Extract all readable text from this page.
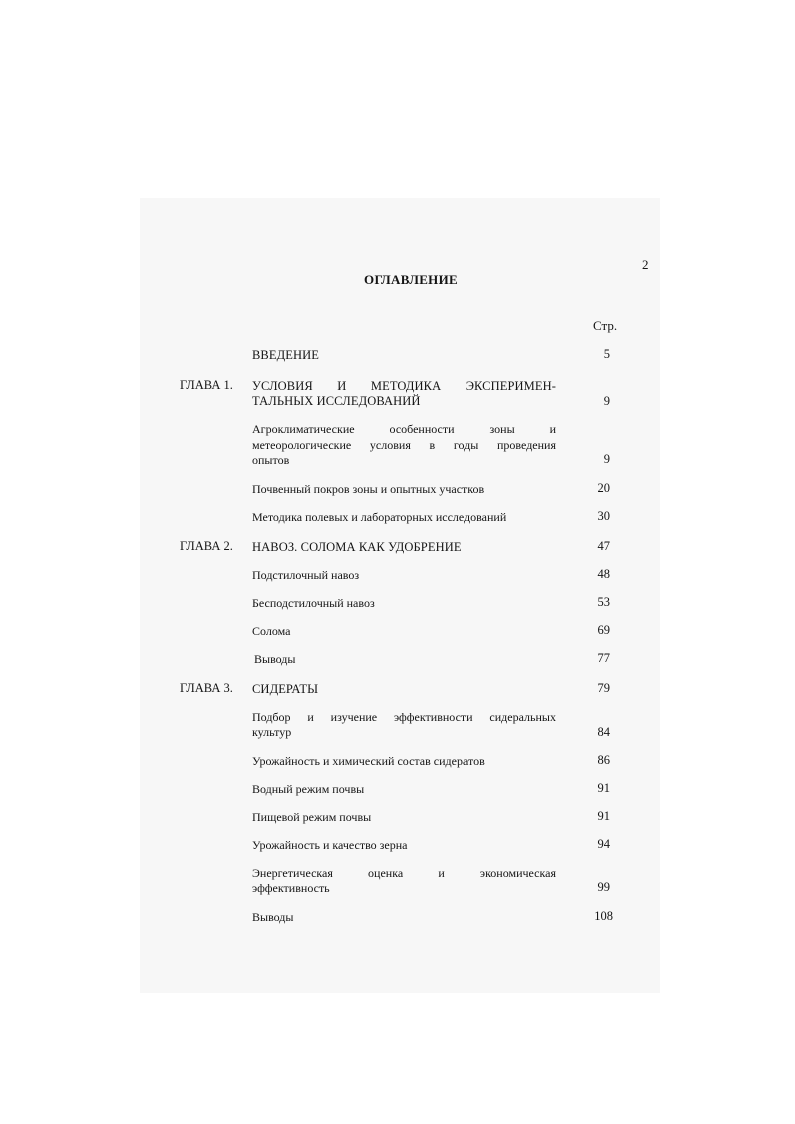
2
ОГЛАВЛЕНИЕ
Стр.
ВВЕДЕНИЕ	5
ГЛАВА 1. УСЛОВИЯ И МЕТОДИКА ЭКСПЕРИМЕН-
ТАЛЬНЫХ ИССЛЕДОВАНИЙ	9
Агроклиматические особенности зоны и
метеорологические условия в годы проведения
опытов	9
Почвенный покров зоны и опытных участков	20
Методика полевых и лабораторных исследований	30
ГЛАВА 2. НАВОЗ. СОЛОМА КАК УДОБРЕНИЕ	47
Подстилочный навоз	48
Бесподстилочный навоз	53
Солома	69
Выводы	77
ГЛАВА 3. СИДЕРАТЫ	79
Подбор и изучение эффективности сидеральных
культур	84
Урожайность и химический состав сидератов	86
Водный режим почвы	91
Пищевой режим почвы	91
Урожайность и качество зерна	94
Энергетическая оценка и экономическая
эффективность	99
Выводы	108
